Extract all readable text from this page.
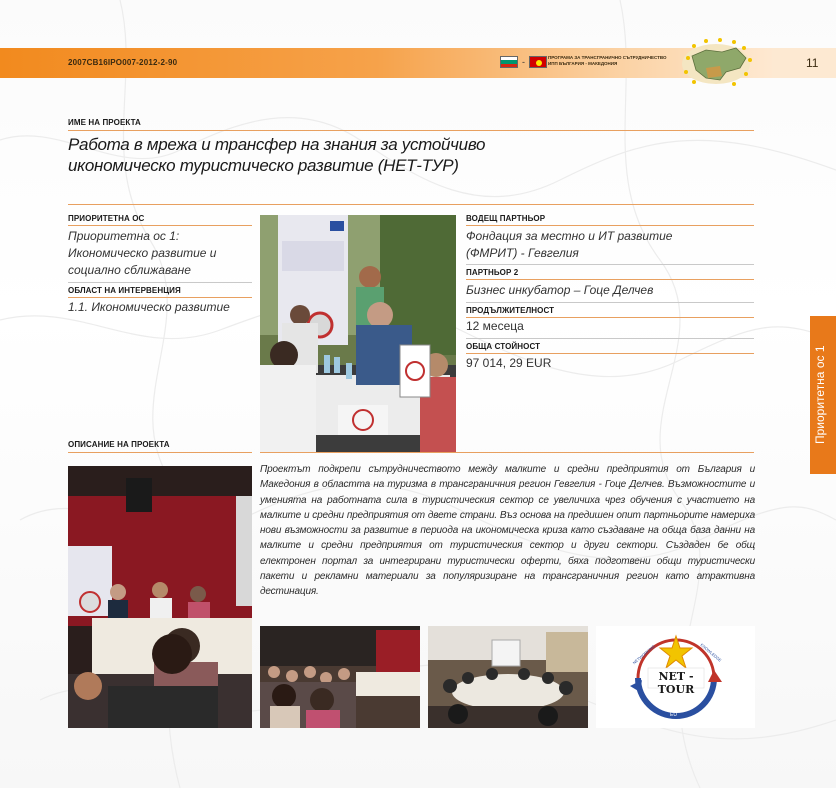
2007CB16IPO007-2012-2-90	-	ПРОГРАМА ЗА ТРАНСГРАНИЧНО СЪТРУДНИЧЕСТВО ИПП БЪЛГАРИЯ - МАКЕДОНИЯ	11
Приоритетна ос 1
ИМЕ НА ПРОЕКТА
Работа в мрежа и трансфер на знания за устойчиво
икономическо туристическо развитие (НЕТ-ТУР)
ПРИОРИТЕТНА ОС
Приоритетна ос 1:
Икономическо развитие и
социално сближаване
ОБЛАСТ НА ИНТЕРВЕНЦИЯ
1.1. Икономическо развитие
ВОДЕЩ ПАРТНЬОР
Фондация за местно и ИТ развитие
(ФМРИТ) - Гевгелия
ПАРТНЬОР 2
Бизнес инкубатор – Гоце Делчев
ПРОДЪЛЖИТЕЛНОСТ
12 месеца
ОБЩА СТОЙНОСТ
97 014, 29 EUR
ОПИСАНИЕ НА ПРОЕКТА
Проектът подкрепи сътрудничеството между малките и средни предприятия от България и Македония в областта на туризма в трансграничния регион Гевгелия - Гоце Делчев. Възможностите и уменията на работната сила в туристическия сектор се увеличиха чрез обучения с участието на малките и средни предприятия от двете страни. Въз основа на предишен опит партньорите намериха нови възможности за развитие в периода на икономическа криза като създаване на обща база данни на малките и средни предприятия от туристическия сектор и други сектори. Създаден бе общ електронен портал за интегрирани туристически оферти, бяха подготвени общи туристически пакети и рекламни материали за популяризиране на трансграничния регион като атрактивна дестинация.
NET - TOUR
NETWORKING	KNOWLEDGE
EU
